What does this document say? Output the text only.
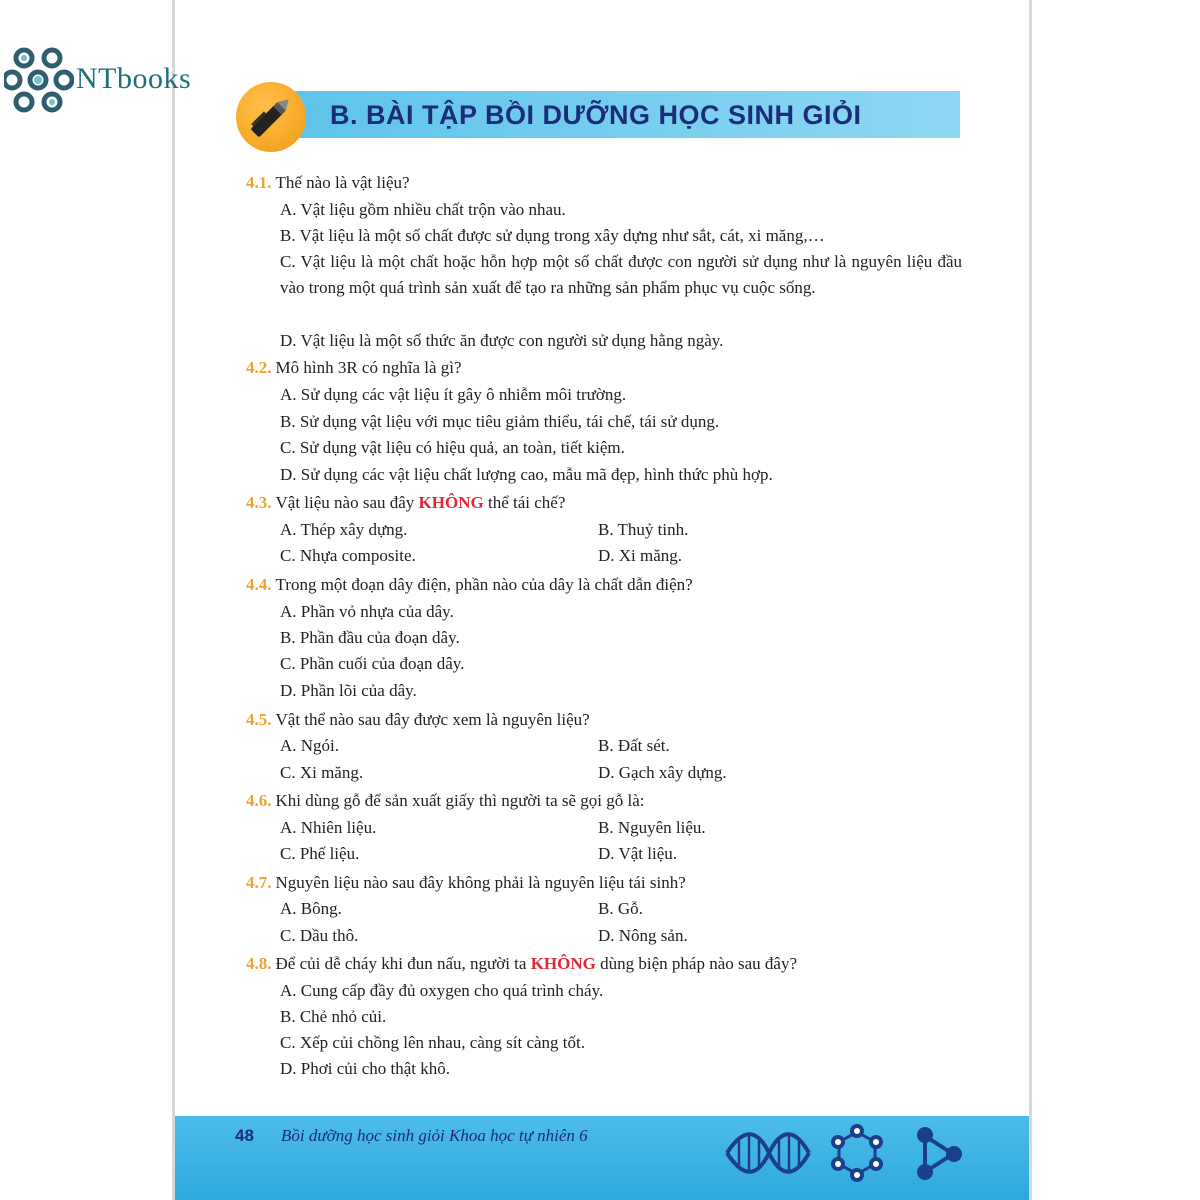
NTbooks
B. BÀI TẬP BỒI DƯỠNG HỌC SINH GIỎI
4.1. Thế nào là vật liệu?
A. Vật liệu gồm nhiều chất trộn vào nhau.
B. Vật liệu là một số chất được sử dụng trong xây dựng như sắt, cát, xi măng,…
C. Vật liệu là một chất hoặc hỗn hợp một số chất được con người sử dụng như là nguyên liệu đầu vào trong một quá trình sản xuất để tạo ra những sản phẩm phục vụ cuộc sống.
D. Vật liệu là một số thức ăn được con người sử dụng hằng ngày.
4.2. Mô hình 3R có nghĩa là gì?
A. Sử dụng các vật liệu ít gây ô nhiễm môi trường.
B. Sử dụng vật liệu với mục tiêu giảm thiểu, tái chế, tái sử dụng.
C. Sử dụng vật liệu có hiệu quả, an toàn, tiết kiệm.
D. Sử dụng các vật liệu chất lượng cao, mẫu mã đẹp, hình thức phù hợp.
4.3. Vật liệu nào sau đây KHÔNG thể tái chế?
A. Thép xây dựng.	B. Thuỷ tinh.
C. Nhựa composite.	D. Xi măng.
4.4. Trong một đoạn dây điện, phần nào của dây là chất dẫn điện?
A. Phần vỏ nhựa của dây.
B. Phần đầu của đoạn dây.
C. Phần cuối của đoạn dây.
D. Phần lõi của dây.
4.5. Vật thể nào sau đây được xem là nguyên liệu?
A. Ngói.	B. Đất sét.
C. Xi măng.	D. Gạch xây dựng.
4.6. Khi dùng gỗ để sản xuất giấy thì người ta sẽ gọi gỗ là:
A. Nhiên liệu.	B. Nguyên liệu.
C. Phế liệu.	D. Vật liệu.
4.7. Nguyên liệu nào sau đây không phải là nguyên liệu tái sinh?
A. Bông.	B. Gỗ.
C. Dầu thô.	D. Nông sản.
4.8. Để củi dễ cháy khi đun nấu, người ta KHÔNG dùng biện pháp nào sau đây?
A. Cung cấp đầy đủ oxygen cho quá trình cháy.
B. Chẻ nhỏ củi.
C. Xếp củi chồng lên nhau, càng sít càng tốt.
D. Phơi củi cho thật khô.
48 Bồi dưỡng học sinh giỏi Khoa học tự nhiên 6
